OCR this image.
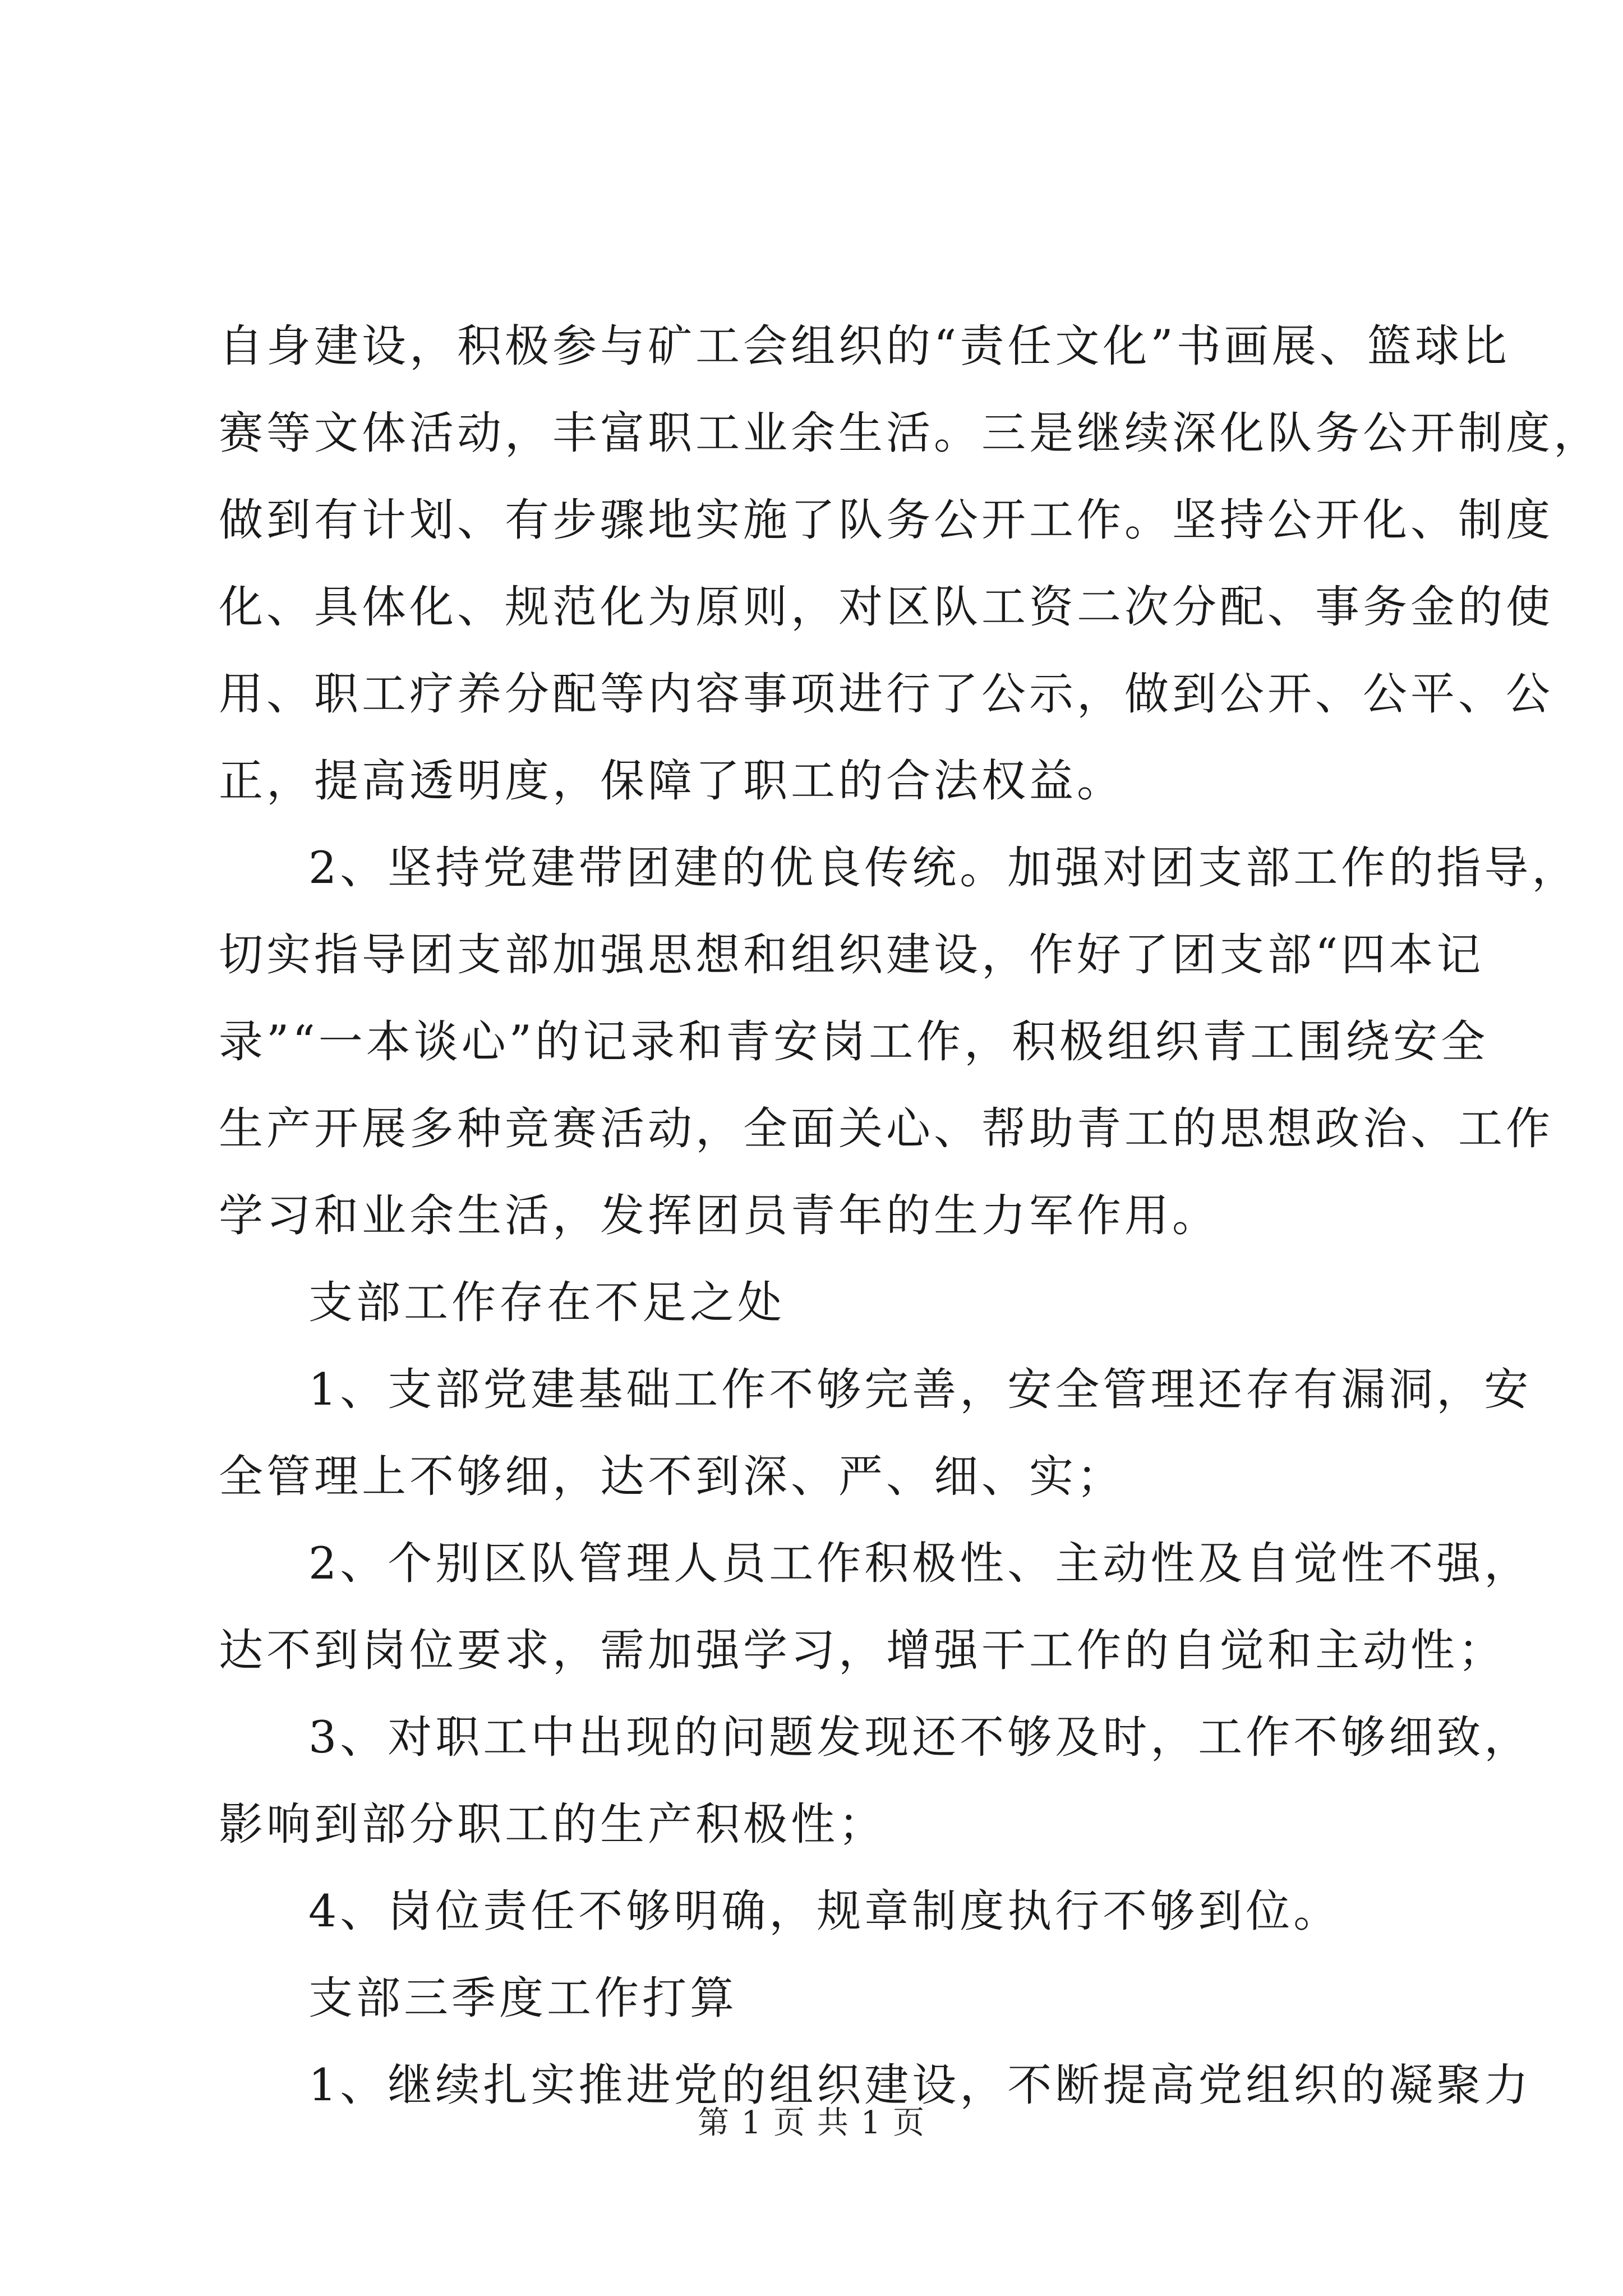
自身建设，积极参与矿工会组织的“责任文化”书画展、篮球比
赛等文体活动，丰富职工业余生活。三是继续深化队务公开制度，
做到有计划、有步骤地实施了队务公开工作。坚持公开化、制度
化、具体化、规范化为原则，对区队工资二次分配、事务金的使
用、职工疗养分配等内容事项进行了公示，做到公开、公平、公
正，提高透明度，保障了职工的合法权益。
2、坚持党建带团建的优良传统。加强对团支部工作的指导，
切实指导团支部加强思想和组织建设，作好了团支部“四本记
录”“一本谈心”的记录和青安岗工作，积极组织青工围绕安全
生产开展多种竞赛活动，全面关心、帮助青工的思想政治、工作
学习和业余生活，发挥团员青年的生力军作用。
支部工作存在不足之处
1、支部党建基础工作不够完善，安全管理还存有漏洞，安
全管理上不够细，达不到深、严、细、实；
2、个别区队管理人员工作积极性、主动性及自觉性不强，
达不到岗位要求，需加强学习，增强干工作的自觉和主动性；
3、对职工中出现的问题发现还不够及时，工作不够细致，
影响到部分职工的生产积极性；
4、岗位责任不够明确，规章制度执行不够到位。
支部三季度工作打算
1、继续扎实推进党的组织建设，不断提高党组织的凝聚力
第 1 页 共 1 页
